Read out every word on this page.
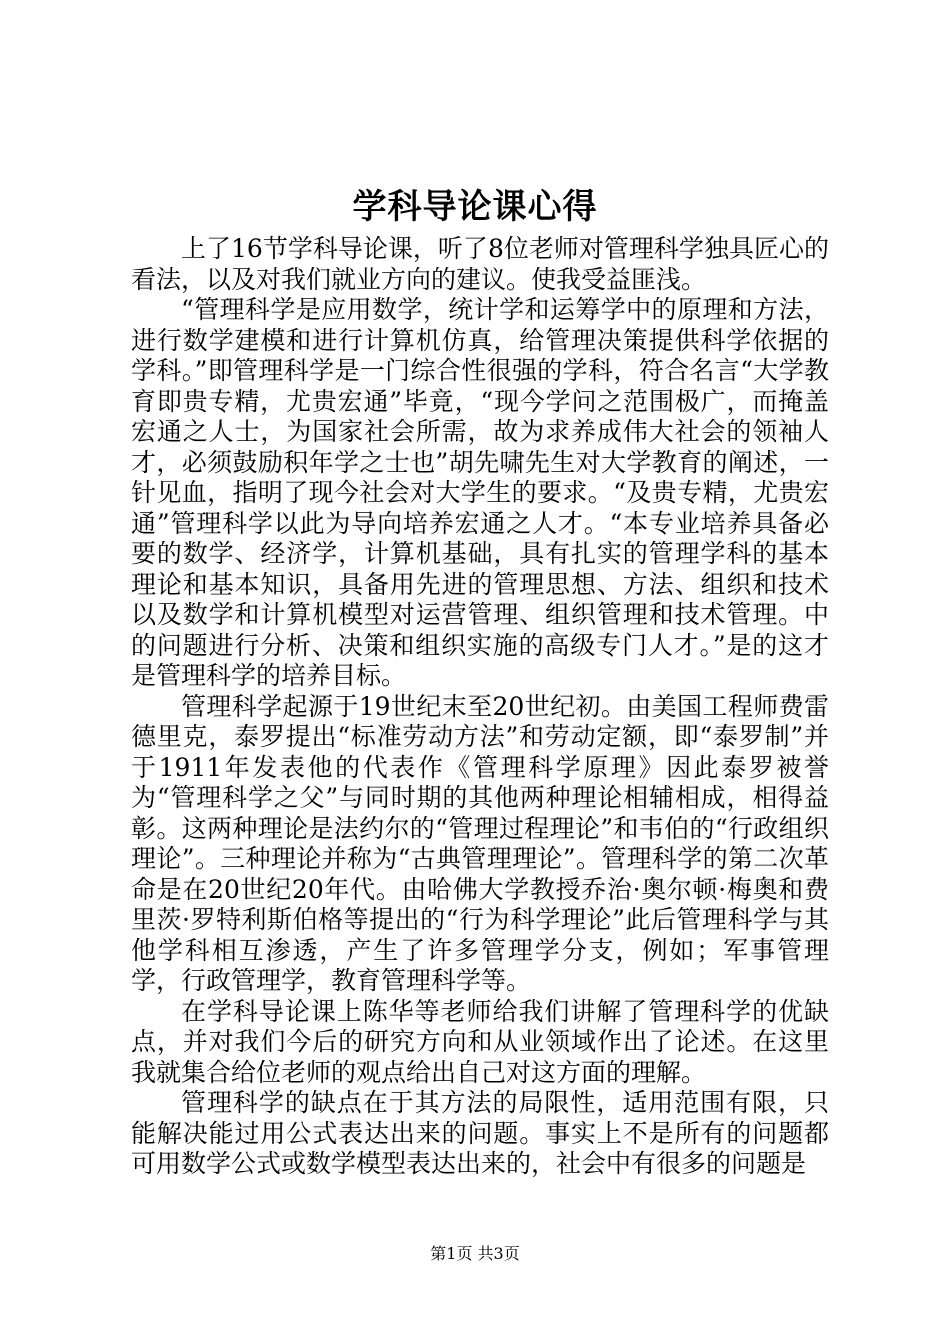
学科导论课心得

上了16节学科导论课，听了8位老师对管理科学独具匠心的看法，以及对我们就业方向的建议。使我受益匪浅。

“管理科学是应用数学，统计学和运筹学中的原理和方法，进行数学建模和进行计算机仿真，给管理决策提供科学依据的学科。”即管理科学是一门综合性很强的学科，符合名言“大学教育即贵专精，尤贵宏通”毕竟，“现今学问之范围极广，而掩盖宏通之人士，为国家社会所需，故为求养成伟大社会的领袖人才，必须鼓励积年学之士也”胡先啸先生对大学教育的阐述，一针见血，指明了现今社会对大学生的要求。“及贵专精，尤贵宏通”管理科学以此为导向培养宏通之人才。“本专业培养具备必要的数学、经济学，计算机基础，具有扎实的管理学科的基本理论和基本知识，具备用先进的管理思想、方法、组织和技术以及数学和计算机模型对运营管理、组织管理和技术管理。中的问题进行分析、决策和组织实施的高级专门人才。”是的这才是管理科学的培养目标。

管理科学起源于19世纪末至20世纪初。由美国工程师费雷德里克，泰罗提出“标准劳动方法”和劳动定额，即“泰罗制”并于1911年发表他的代表作《管理科学原理》因此泰罗被誉为“管理科学之父”与同时期的其他两种理论相辅相成，相得益彰。这两种理论是法约尔的“管理过程理论”和韦伯的“行政组织理论”。三种理论并称为“古典管理理论”。管理科学的第二次革命是在20世纪20年代。由哈佛大学教授乔治·奥尔顿·梅奥和费里茨·罗特利斯伯格等提出的“行为科学理论”此后管理科学与其他学科相互渗透，产生了许多管理学分支，例如；军事管理学，行政管理学，教育管理科学等。

在学科导论课上陈华等老师给我们讲解了管理科学的优缺点，并对我们今后的研究方向和从业领域作出了论述。在这里我就集合给位老师的观点给出自己对这方面的理解。

管理科学的缺点在于其方法的局限性，适用范围有限，只能解决能过用公式表达出来的问题。事实上不是所有的问题都可用数学公式或数学模型表达出来的，社会中有很多的问题是

第1页 共3页
